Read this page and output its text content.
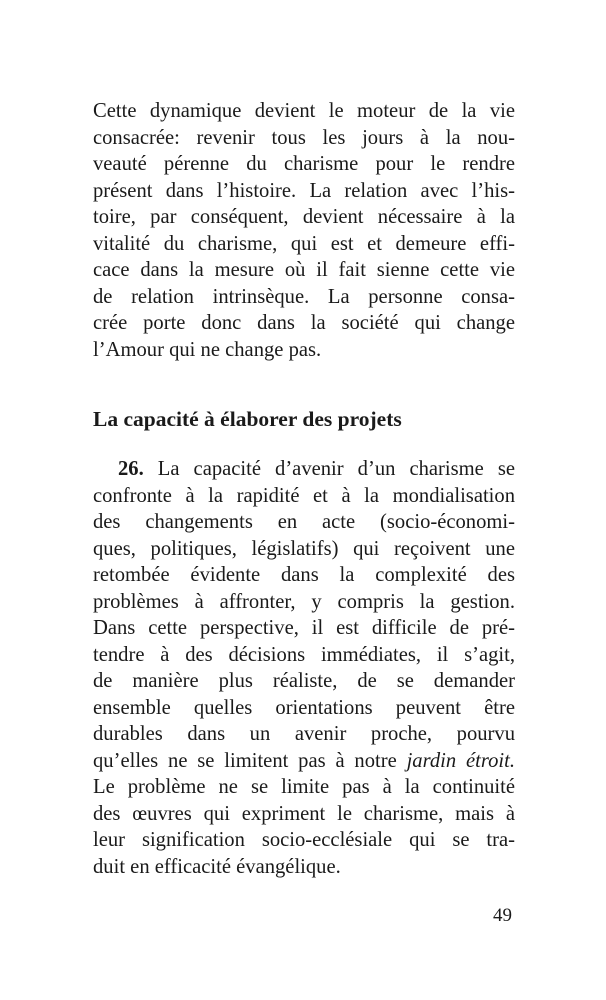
Cette dynamique devient le moteur de la vie
consacrée: revenir tous les jours à la nou-
veauté pérenne du charisme pour le rendre
présent dans l’histoire. La relation avec l’his-
toire, par conséquent, devient nécessaire à la
vitalité du charisme, qui est et demeure effi-
cace dans la mesure où il fait sienne cette vie
de relation intrinsèque. La personne consa-
crée porte donc dans la société qui change
l’Amour qui ne change pas.
La capacité à élaborer des projets
26. La capacité d’avenir d’un charisme se
confronte à la rapidité et à la mondialisation
des changements en acte (socio-économi-
ques, politiques, législatifs) qui reçoivent une
retombée évidente dans la complexité des
problèmes à affronter, y compris la gestion.
Dans cette perspective, il est difficile de pré-
tendre à des décisions immédiates, il s’agit,
de manière plus réaliste, de se demander
ensemble quelles orientations peuvent être
durables dans un avenir proche, pourvu
qu’elles ne se limitent pas à notre jardin étroit.
Le problème ne se limite pas à la continuité
des œuvres qui expriment le charisme, mais à
leur signification socio-ecclésiale qui se tra-
duit en efficacité évangélique.
49
